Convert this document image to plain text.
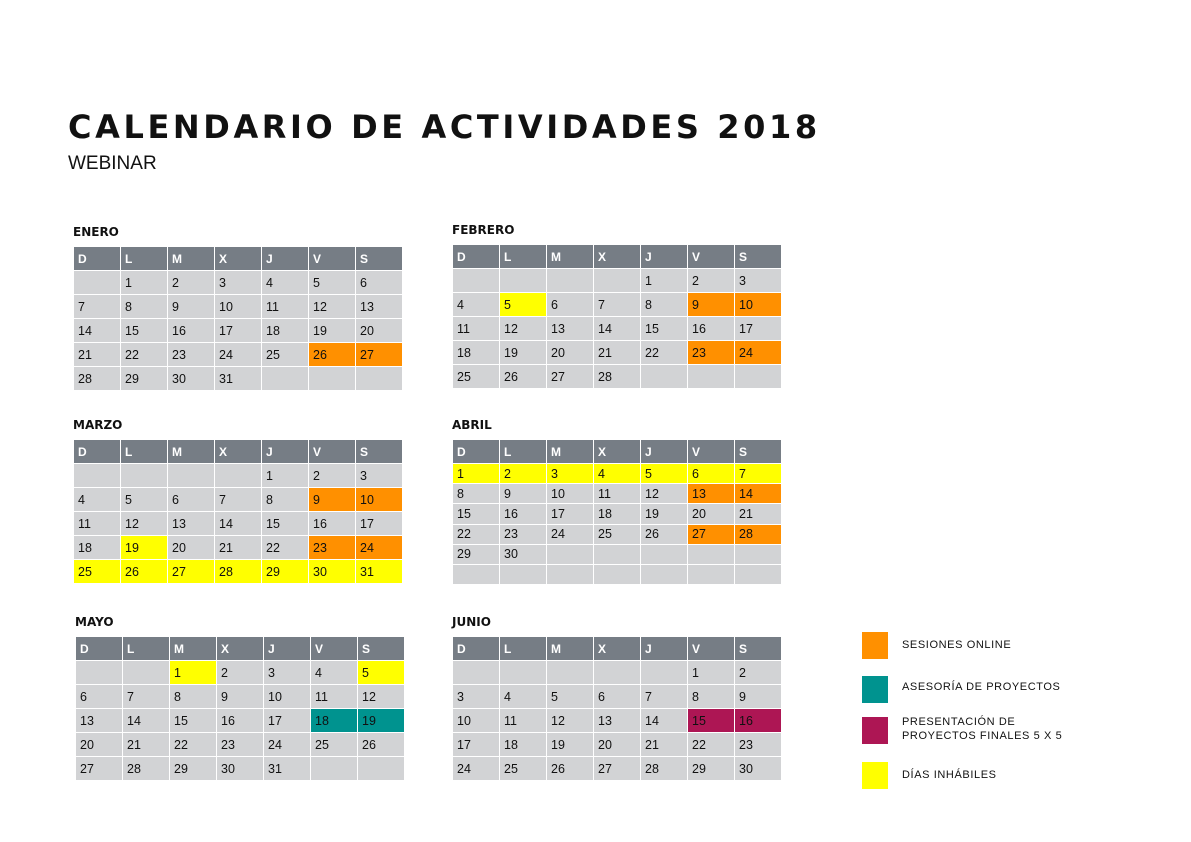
CALENDARIO DE ACTIVIDADES 2018
WEBINAR
ENERO
D	L	M	X	J	V	S
	1	2	3	4	5	6
7	8	9	10	11	12	13
14	15	16	17	18	19	20
21	22	23	24	25	26	27
28	29	30	31			
FEBRERO
D	L	M	X	J	V	S
				1	2	3
4	5	6	7	8	9	10
11	12	13	14	15	16	17
18	19	20	21	22	23	24
25	26	27	28			
MARZO
D	L	M	X	J	V	S
				1	2	3
4	5	6	7	8	9	10
11	12	13	14	15	16	17
18	19	20	21	22	23	24
25	26	27	28	29	30	31
ABRIL
D	L	M	X	J	V	S
1	2	3	4	5	6	7
8	9	10	11	12	13	14
15	16	17	18	19	20	21
22	23	24	25	26	27	28
29	30					

MAYO
D	L	M	X	J	V	S
		1	2	3	4	5
6	7	8	9	10	11	12
13	14	15	16	17	18	19
20	21	22	23	24	25	26
27	28	29	30	31		
JUNIO
D	L	M	X	J	V	S
					1	2
3	4	5	6	7	8	9
10	11	12	13	14	15	16
17	18	19	20	21	22	23
24	25	26	27	28	29	30
SESIONES ONLINE
ASESORÍA DE PROYECTOS
PRESENTACIÓN DE
PROYECTOS FINALES 5 X 5
DÍAS INHÁBILES
